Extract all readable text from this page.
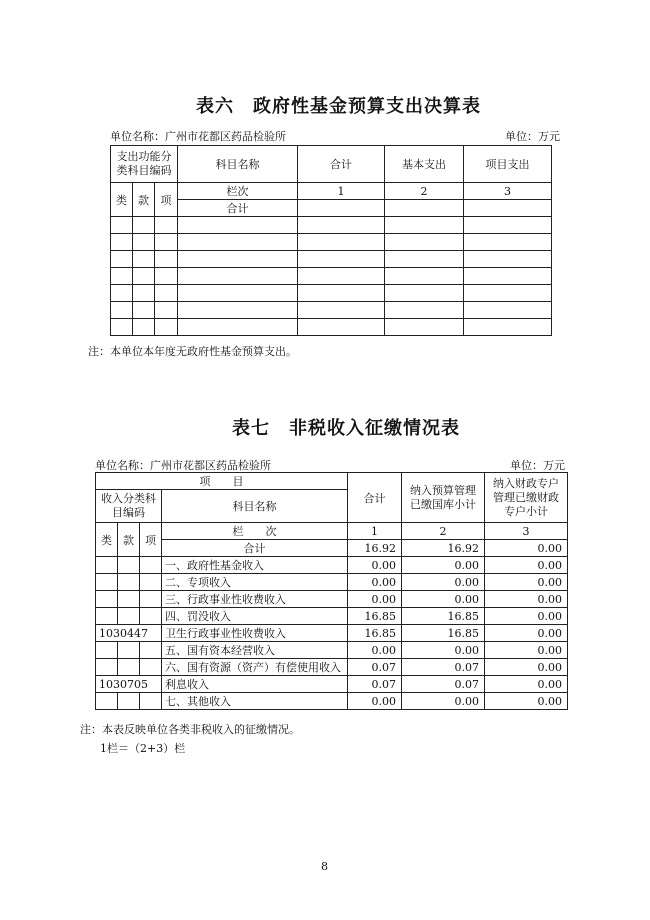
表六　政府性基金预算支出决算表
单位名称：广州市花都区药品检验所	单位：万元
支出功能分类科目编码			科目名称	合计	基本支出	项目支出

类	款	项	栏次	1	2	3
			合计			

注：本单位本年度无政府性基金预算支出。
表七　非税收入征缴情况表
单位名称：广州市花都区药品检验所	单位：万元
项　　目				合计	纳入预算管理已缴国库小计	纳入财政专户管理已缴财政专户小计
收入分类科目编码			科目名称			
类	款	项	栏　　次	1	2	3
			合计	16.92	16.92	0.00
			一、政府性基金收入	0.00	0.00	0.00
			二、专项收入	0.00	0.00	0.00
			三、行政事业性收费收入	0.00	0.00	0.00
			四、罚没收入	16.85	16.85	0.00
1030447			卫生行政事业性收费收入	16.85	16.85	0.00
			五、国有资本经营收入	0.00	0.00	0.00
			六、国有资源（资产）有偿使用收入	0.07	0.07	0.00
1030705			利息收入	0.07	0.07	0.00
			七、其他收入	0.00	0.00	0.00
注：本表反映单位各类非税收入的征缴情况。
1栏＝（2+3）栏
8
